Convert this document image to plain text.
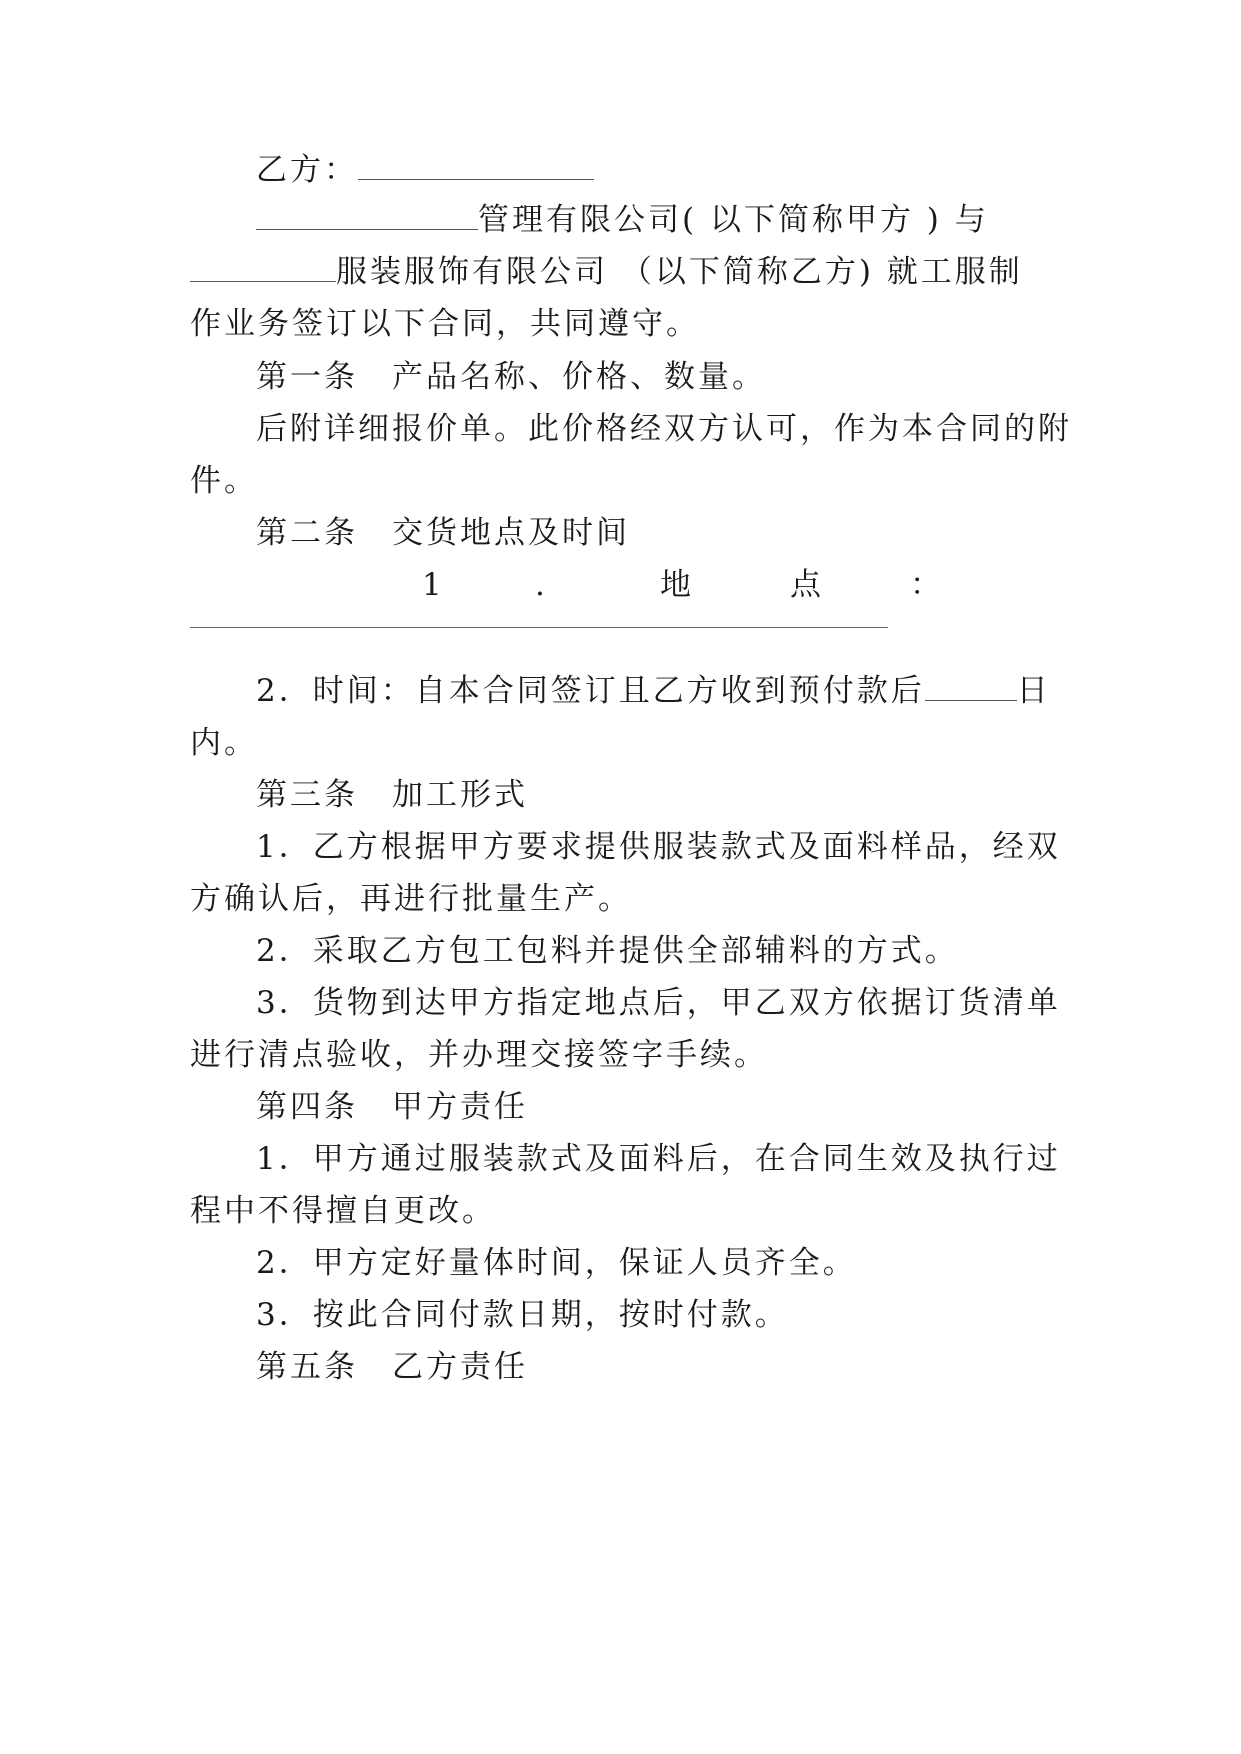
乙方：
管理有限公司( 以下简称甲方 ) 与
服装服饰有限公司 （以下简称乙方) 就工服制
作业务签订以下合同，共同遵守。
第一条　产品名称、价格、数量。
后附详细报价单。此价格经双方认可，作为本合同的附
件。
第二条　交货地点及时间
1	.	地	点	：
2．时间：自本合同签订且乙方收到预付款后	日
内。
第三条　加工形式
1．乙方根据甲方要求提供服装款式及面料样品，经双
方确认后，再进行批量生产。
2．采取乙方包工包料并提供全部辅料的方式。
3．货物到达甲方指定地点后，甲乙双方依据订货清单
进行清点验收，并办理交接签字手续。
第四条　甲方责任
1．甲方通过服装款式及面料后，在合同生效及执行过
程中不得擅自更改。
2．甲方定好量体时间，保证人员齐全。
3．按此合同付款日期，按时付款。
第五条　乙方责任
